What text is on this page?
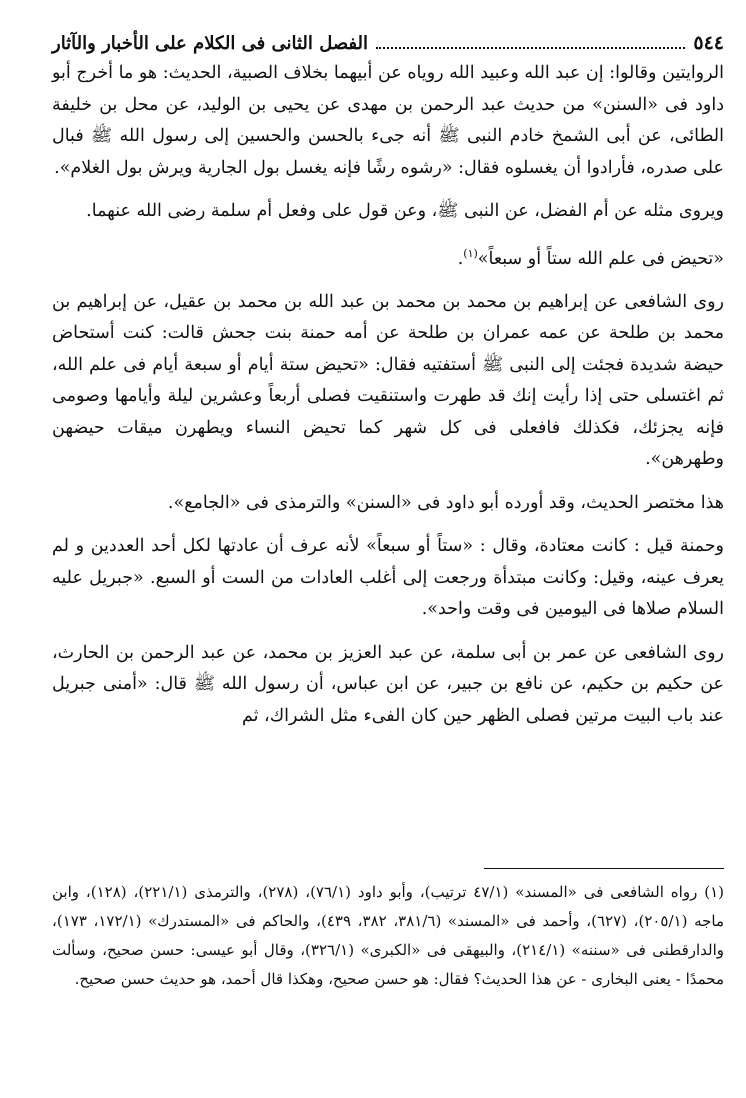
٥٤٤
الفصل الثانى فى الكلام على الأخبار والآثار

الروايتين وقالوا: إن عبد الله وعبيد الله روياه عن أبيهما بخلاف الصبية، الحديث: هو ما أخرج أبو داود فى «السنن» من حديث عبد الرحمن بن مهدى عن يحيى بن الوليد، عن محل بن خليفة الطائى، عن أبى الشمخ خادم النبى ﷺ أنه جىء بالحسن والحسين إلى رسول الله ﷺ فبال على صدره، فأرادوا أن يغسلوه فقال: «رشوه رشًا فإنه يغسل بول الجارية ويرش بول الغلام».

ويروى مثله عن أم الفضل، عن النبى ﷺ، وعن قول على وفعل أم سلمة رضى الله عنهما.

«تحيض فى علم الله ستاً أو سبعاً»$^{(١)}$.

روى الشافعى عن إبراهيم بن محمد بن محمد بن عبد الله بن محمد بن عقيل، عن إبراهيم بن محمد بن طلحة عن عمه عمران بن طلحة عن أمه حمنة بنت جحش قالت: كنت أستحاض حيضة شديدة فجئت إلى النبى ﷺ أستفتيه فقال: «تحيض ستة أيام أو سبعة أيام فى علم الله، ثم اغتسلى حتى إذا رأيت إنك قد طهرت واستنقيت فصلى أربعاً وعشرين ليلة وأيامها وصومى فإنه يجزئك، فكذلك فافعلى فى كل شهر كما تحيض النساء ويطهرن ميقات حيضهن وطهرهن».

هذا مختصر الحديث، وقد أورده أبو داود فى «السنن» والترمذى فى «الجامع».

وحمنة قيل : كانت معتادة، وقال : «ستاً أو سبعاً» لأنه عرف أن عادتها لكل أحد العددين و لم يعرف عينه، وقيل: وكانت مبتدأة ورجعت إلى أغلب العادات من الست أو السبع. «جبريل عليه السلام صلاها فى اليومين فى وقت واحد».

روى الشافعى عن عمر بن أبى سلمة، عن عبد العزيز بن محمد، عن عبد الرحمن بن الحارث، عن حكيم بن حكيم، عن نافع بن جبير، عن ابن عباس، أن رسول الله ﷺ قال: «أمنى جبريل عند باب البيت مرتين فصلى الظهر حين كان الفىء مثل الشراك، ثم

(١) رواه الشافعى فى «المسند» (٤٧/١ ترتيب)، وأبو داود (٧٦/١)، (٢٧٨)، والترمذى (٢٢١/١)، (١٢٨)، وابن ماجه (٢٠٥/١)، (٦٢٧)، وأحمد فى «المسند» (٣٨١/٦، ٣٨٢، ٤٣٩)، والحاكم فى «المستدرك» (١٧٢/١، ١٧٣)، والدارقطنى فى «سننه» (٢١٤/١)، والبيهقى فى «الكبرى» (٣٢٦/١)، وقال أبو عيسى: حسن صحيح، وسألت محمدًا - يعنى البخارى - عن هذا الحديث؟ فقال: هو حسن صحيح، وهكذا قال أحمد، هو حديث حسن صحيح.
